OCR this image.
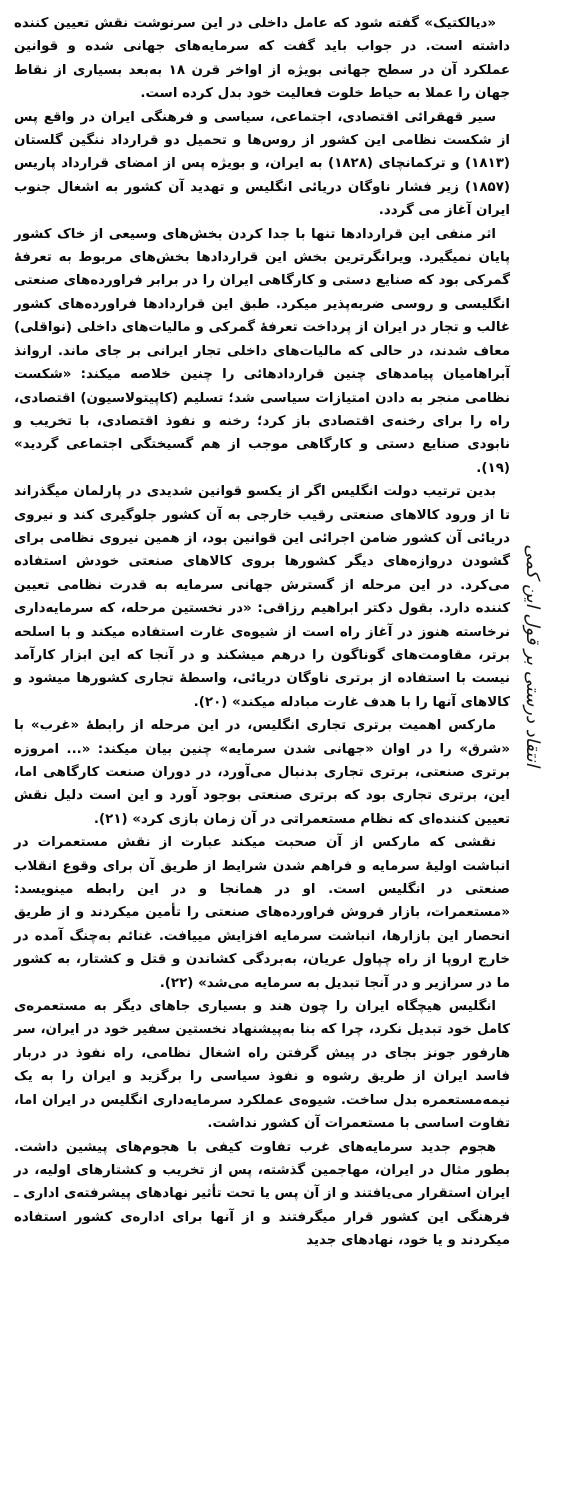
«دیالکتیک» گفته شود که عامل داخلی در این سرنوشت نقش تعیین کننده داشته است. در جواب باید گفت که سرمایه‌های جهانی شده و قوانین عملکرد آن در سطح جهانی بویژه از اواخر قرن ۱۸ به‌بعد بسیاری از نقاط جهان را عملا به حیاط خلوت فعالیت خود بدل کرده است.

سیر قهقرائی اقتصادی، اجتماعی، سیاسی و فرهنگی ایران در واقع پس از شکست نظامی این کشور از روس‌ها و تحمیل دو قرارداد ننگین گلستان (۱۸۱۳) و ترکمانچای (۱۸۲۸) به ایران، و بویژه پس از امضای قرارداد پاریس (۱۸۵۷) زیر فشار ناوگان دریائی انگلیس و تهدید آن کشور به اشغال جنوب ایران آغاز می گردد.

اثر منفی این قراردادها تنها با جدا کردن بخش‌های وسیعی از خاک کشور پایان نمیگیرد. ویرانگرترین بخش این قراردادها بخش‌های مربوط به تعرفهٔ گمرکی بود که صنایع دستی و کارگاهی ایران را در برابر فراورده‌های صنعتی انگلیسی و روسی ضربه‌پذیر میکرد. طبق این قراردادها فراورده‌های کشور غالب و تجار در ایران از پرداخت تعرفهٔ گمرکی و مالیات‌های داخلی (نواقلی) معاف شدند، در حالی که مالیات‌های داخلی تجار ایرانی بر جای ماند. اروانذ آبراهامیان پیامدهای چنین قراردادهائی را چنین خلاصه میکند: «شکست نظامی منجر به دادن امتیازات سیاسی شد؛ تسلیم (کاپیتولاسیون) اقتصادی، راه را برای رخنه‌ی اقتصادی باز کرد؛ رخنه و نفوذ اقتصادی، با تخریب و نابودی صنایع دستی و کارگاهی موجب از هم گسیختگی اجتماعی گردید» (۱۹).

بدین ترتیب دولت انگلیس اگر از یکسو قوانین شدیدی در پارلمان میگذراند تا از ورود کالاهای صنعتی رقیب خارجی به آن کشور جلوگیری کند و نیروی دریائی آن کشور ضامن اجرائی این قوانین بود، از همین نیروی نظامی برای گشودن دروازه‌های دیگر کشورها بروی کالاهای صنعتی خودش استفاده می‌کرد. در این مرحله از گسترش جهانی سرمایه به قدرت نظامی تعیین کننده دارد. بقول دکتر ابراهیم رزاقی: «در نخستین مرحله، که سرمایه‌داری نرخاسته هنوز در آغاز راه است از شیوه‌ی غارت استفاده میکند و با اسلحه برتر، مقاومت‌های گوناگون را درهم میشکند و در آنجا که این ابزار کارآمد نیست با استفاده از برتری ناوگان دریائی، واسطهٔ تجاری کشورها میشود و کالاهای آنها را با هدف غارت مبادله میکند» (۲۰).

مارکس اهمیت برتری تجاری انگلیس، در این مرحله از رابطهٔ «غرب» با «شرق» را در اوان «جهانی شدن سرمایه» چنین بیان میکند: «... امروزه برتری صنعتی، برتری تجاری بدنبال می‌آورد، در دوران صنعت کارگاهی اما، این، برتری تجاری بود که برتری صنعتی بوجود آورد و این است دلیل نقش تعیین کننده‌ای که نظام مستعمراتی در آن زمان بازی کرد» (۲۱).

نقشی که مارکس از آن صحبت میکند عبارت از نقش مستعمرات در انباشت اولیهٔ سرمایه و فراهم شدن شرایط از طریق آن برای وقوع انقلاب صنعتی در انگلیس است. او در همانجا و در این رابطه مینویسد: «مستعمرات، بازار فروش فراورده‌های صنعتی را تأمین میکردند و از طریق انحصار این بازارها، انباشت سرمایه افزایش مییافت. غنائم به‌چنگ آمده در خارج اروپا از راه چپاول عریان، به‌بردگی کشاندن و قتل و کشتار، به کشور ما در سرازیر و در آنجا تبدیل به سرمایه می‌شد» (۲۲).

انگلیس هیچگاه ایران را چون هند و بسیاری جاهای دیگر به مستعمره‌ی کامل خود تبدیل نکرد، چرا که بنا به‌پیشنهاد نخستین سفیر خود در ایران، سر هارفور جونز بجای در پیش گرفتن راه اشغال نظامی، راه نفوذ در دربار فاسد ایران از طریق رشوه و نفوذ سیاسی را برگزید و ایران را به یک نیمه‌مستعمره بدل ساخت. شیوه‌ی عملکرد سرمایه‌داری انگلیس در ایران اما، تفاوت اساسی با مستعمرات آن کشور نداشت.

هجوم جدید سرمایه‌های غرب تفاوت کیفی با هجوم‌های پیشین داشت. بطور مثال در ایران، مهاجمین گذشته، پس از تخریب و کشتارهای اولیه، در ایران استقرار می‌یافتند و از آن پس یا تحت تأثیر نهادهای پیشرفته‌ی اداری ـ فرهنگی این کشور قرار میگرفتند و از آنها برای اداره‌ی کشور استفاده میکردند و یا خود، نهادهای جدید

انتقاد درستی بر قول این کمی
